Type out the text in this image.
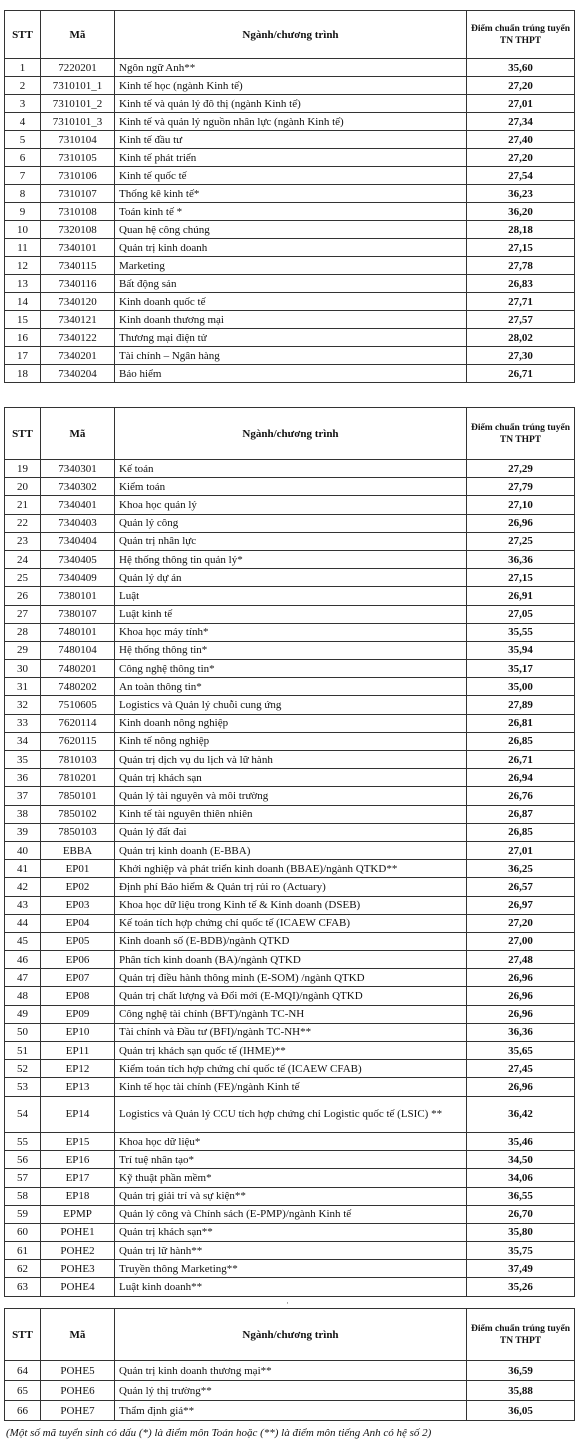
STT	Mã	Ngành/chương trình	Điểm chuẩn trúng tuyển TN THPT
1	7220201	Ngôn ngữ Anh**	35,60
2	7310101_1	Kinh tế học (ngành Kinh tế)	27,20
3	7310101_2	Kinh tế và quản lý đô thị (ngành Kinh tế)	27,01
4	7310101_3	Kinh tế và quản lý nguồn nhân lực (ngành Kinh tế)	27,34
5	7310104	Kinh tế đầu tư	27,40
6	7310105	Kinh tế phát triển	27,20
7	7310106	Kinh tế quốc tế	27,54
8	7310107	Thống kê kinh tế*	36,23
9	7310108	Toán kinh tế *	36,20
10	7320108	Quan hệ công chúng	28,18
11	7340101	Quản trị kinh doanh	27,15
12	7340115	Marketing	27,78
13	7340116	Bất động sản	26,83
14	7340120	Kinh doanh quốc tế	27,71
15	7340121	Kinh doanh thương mại	27,57
16	7340122	Thương mại điện tử	28,02
17	7340201	Tài chính – Ngân hàng	27,30
18	7340204	Bảo hiểm	26,71
STT	Mã	Ngành/chương trình	Điểm chuẩn trúng tuyển TN THPT
19	7340301	Kế toán	27,29
20	7340302	Kiểm toán	27,79
21	7340401	Khoa học quản lý	27,10
22	7340403	Quản lý công	26,96
23	7340404	Quản trị nhân lực	27,25
24	7340405	Hệ thống thông tin quản lý*	36,36
25	7340409	Quản lý dự án	27,15
26	7380101	Luật	26,91
27	7380107	Luật kinh tế	27,05
28	7480101	Khoa học máy tính*	35,55
29	7480104	Hệ thống thông tin*	35,94
30	7480201	Công nghệ thông tin*	35,17
31	7480202	An toàn thông tin*	35,00
32	7510605	Logistics và Quản lý chuỗi cung ứng	27,89
33	7620114	Kinh doanh nông nghiệp	26,81
34	7620115	Kinh tế nông nghiệp	26,85
35	7810103	Quản trị dịch vụ du lịch và lữ hành	26,71
36	7810201	Quản trị khách sạn	26,94
37	7850101	Quản lý tài nguyên và môi trường	26,76
38	7850102	Kinh tế tài nguyên thiên nhiên	26,87
39	7850103	Quản lý đất đai	26,85
40	EBBA	Quản trị kinh doanh (E-BBA)	27,01
41	EP01	Khởi nghiệp và phát triển kinh doanh (BBAE)/ngành QTKD**	36,25
42	EP02	Định phí Bảo hiểm & Quản trị rủi ro (Actuary)	26,57
43	EP03	Khoa học dữ liệu trong Kinh tế & Kinh doanh (DSEB)	26,97
44	EP04	Kế toán tích hợp chứng chỉ quốc tế (ICAEW CFAB)	27,20
45	EP05	Kinh doanh số (E-BDB)/ngành QTKD	27,00
46	EP06	Phân tích kinh doanh (BA)/ngành QTKD	27,48
47	EP07	Quản trị điều hành thông minh (E-SOM) /ngành QTKD	26,96
48	EP08	Quản trị chất lượng và Đổi mới (E-MQI)/ngành QTKD	26,96
49	EP09	Công nghệ tài chính (BFT)/ngành TC-NH	26,96
50	EP10	Tài chính và Đầu tư (BFI)/ngành TC-NH**	36,36
51	EP11	Quản trị khách sạn quốc tế (IHME)**	35,65
52	EP12	Kiểm toán tích hợp chứng chỉ quốc tế (ICAEW CFAB)	27,45
53	EP13	Kinh tế học tài chính (FE)/ngành Kinh tế	26,96
54	EP14	Logistics và Quản lý CCU tích hợp chứng chỉ Logistic quốc tế (LSIC) **	36,42
55	EP15	Khoa học dữ liệu*	35,46
56	EP16	Trí tuệ nhân tạo*	34,50
57	EP17	Kỹ thuật phần mềm*	34,06
58	EP18	Quản trị giải trí và sự kiện**	36,55
59	EPMP	Quản lý công và Chính sách (E-PMP)/ngành Kinh tế	26,70
60	POHE1	Quản trị khách sạn**	35,80
61	POHE2	Quản trị lữ hành**	35,75
62	POHE3	Truyền thông Marketing**	37,49
63	POHE4	Luật kinh doanh**	35,26
·
STT	Mã	Ngành/chương trình	Điểm chuẩn trúng tuyển TN THPT
64	POHE5	Quản trị kinh doanh thương mại**	36,59
65	POHE6	Quản lý thị trường**	35,88
66	POHE7	Thẩm định giá**	36,05
(Một số mã tuyển sinh có dấu (*) là điểm môn Toán hoặc (**) là điểm môn tiếng Anh có hệ số 2)
